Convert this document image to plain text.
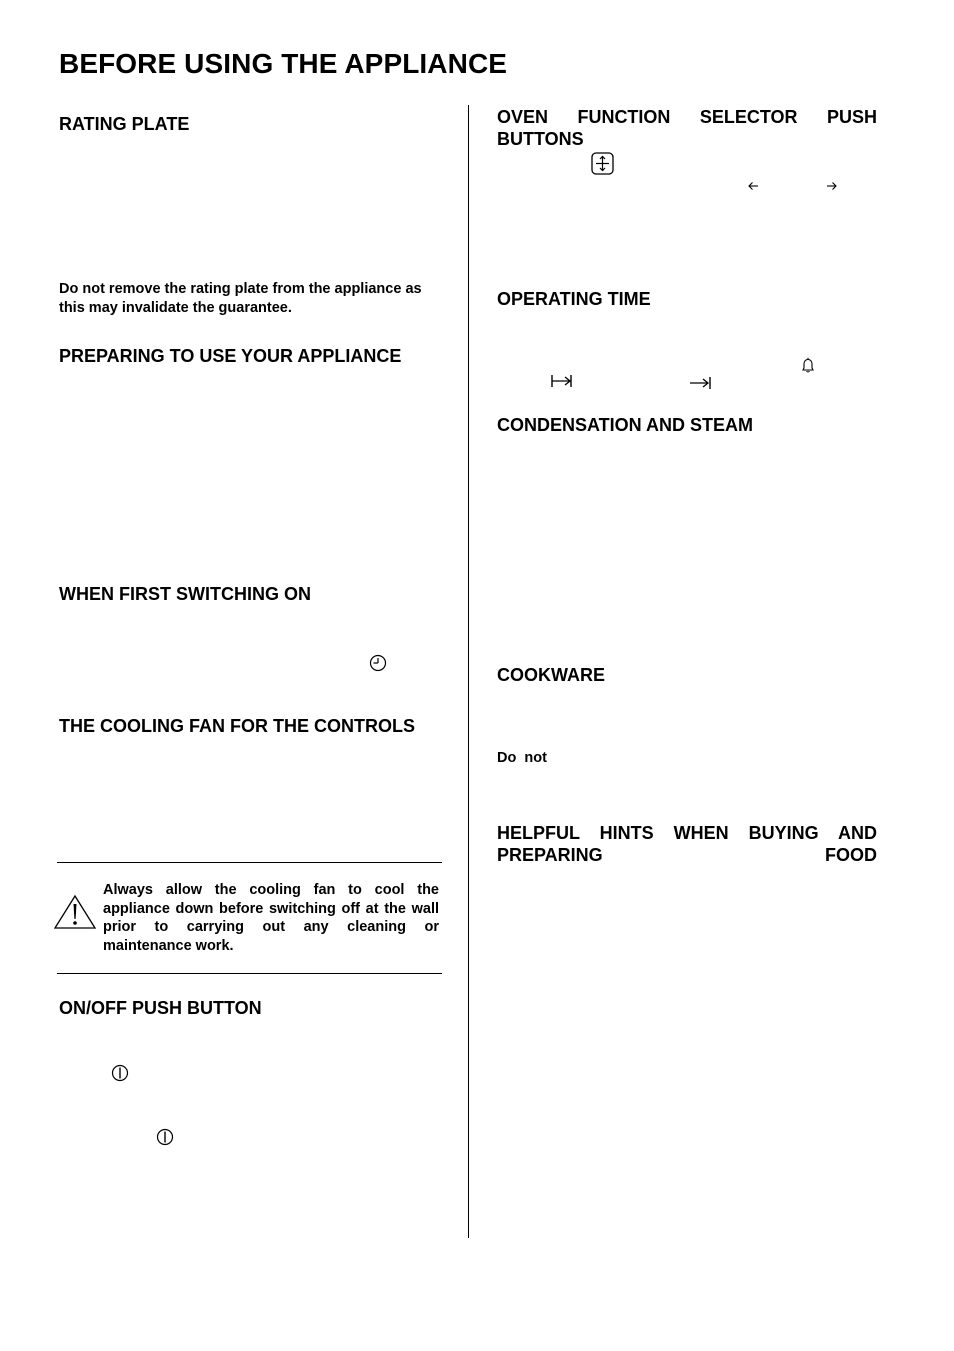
BEFORE USING THE APPLIANCE
RATING PLATE
Do not remove the rating plate from the appliance as this may invalidate the guarantee.
PREPARING TO USE YOUR APPLIANCE
WHEN FIRST SWITCHING ON
THE COOLING FAN FOR THE CONTROLS
Always allow the cooling fan to cool the appliance down before switching off at the wall prior to carrying out any cleaning or maintenance work.
ON/OFF PUSH BUTTON
OVEN FUNCTION SELECTOR PUSH BUTTONS
OPERATING TIME
CONDENSATION AND STEAM
COOKWARE
Do  not
HELPFUL HINTS WHEN BUYING AND PREPARING FOOD
